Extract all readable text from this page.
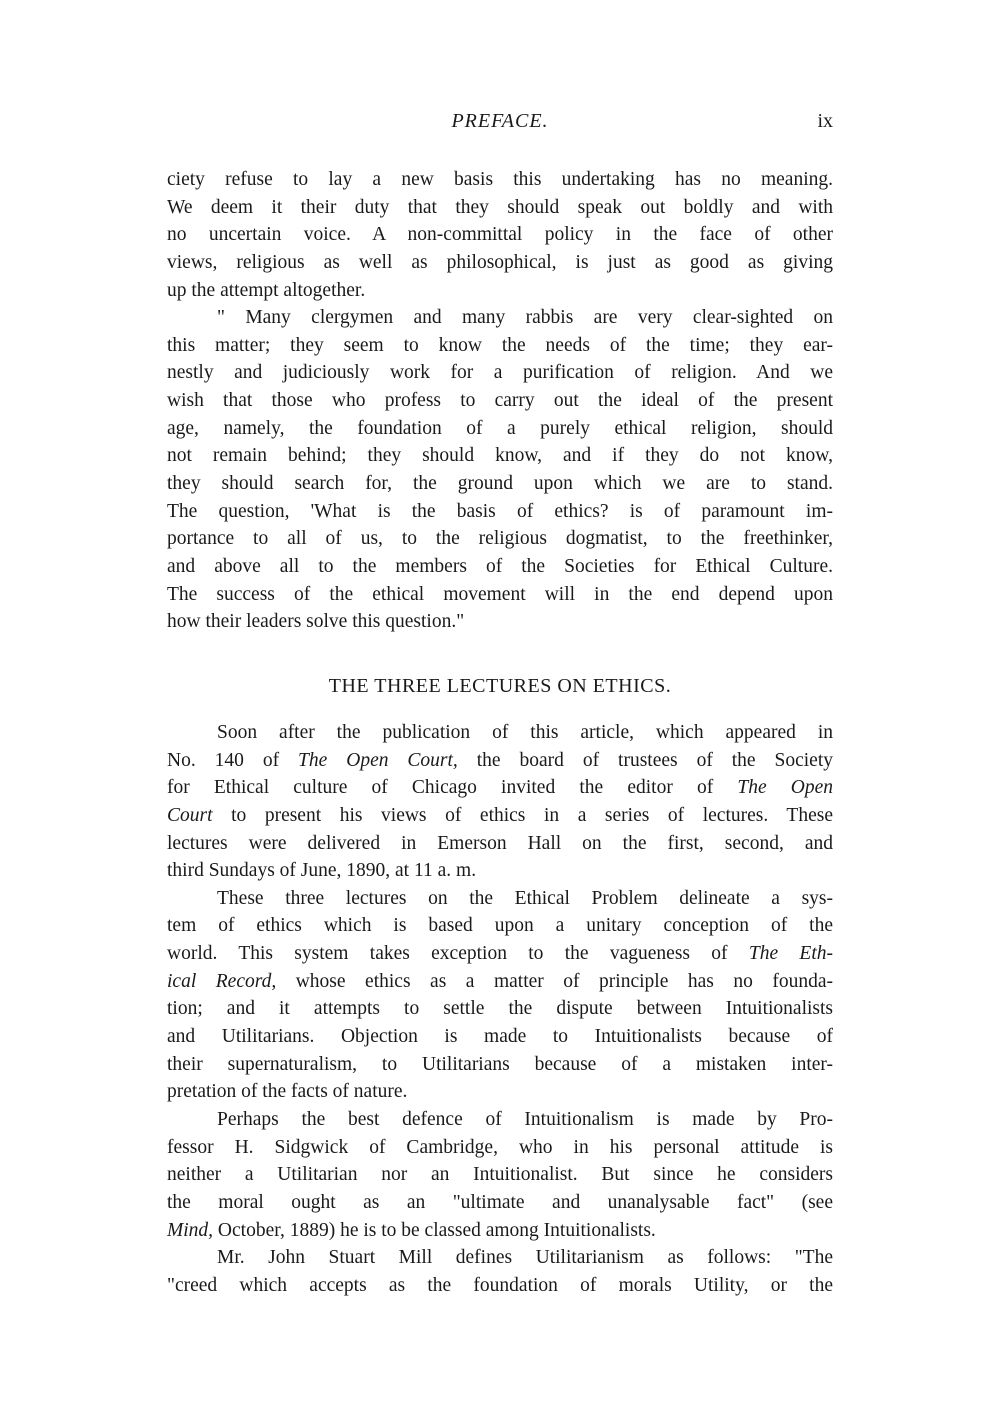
PREFACE.	ix
ciety refuse to lay a new basis this undertaking has no meaning.
We deem it their duty that they should speak out boldly and with
no uncertain voice. A non-committal policy in the face of other
views, religious as well as philosophical, is just as good as giving
up the attempt altogether.
" Many clergymen and many rabbis are very clear-sighted on
this matter; they seem to know the needs of the time; they ear-
nestly and judiciously work for a purification of religion. And we
wish that those who profess to carry out the ideal of the present
age, namely, the foundation of a purely ethical religion, should
not remain behind; they should know, and if they do not know,
they should search for, the ground upon which we are to stand.
The question, 'What is the basis of ethics? is of paramount im-
portance to all of us, to the religious dogmatist, to the freethinker,
and above all to the members of the Societies for Ethical Culture.
The success of the ethical movement will in the end depend upon
how their leaders solve this question."
THE THREE LECTURES ON ETHICS.
Soon after the publication of this article, which appeared in
No. 140 of The Open Court, the board of trustees of the Society
for Ethical culture of Chicago invited the editor of The Open
Court to present his views of ethics in a series of lectures. These
lectures were delivered in Emerson Hall on the first, second, and
third Sundays of June, 1890, at 11 a. m.
These three lectures on the Ethical Problem delineate a sys-
tem of ethics which is based upon a unitary conception of the
world. This system takes exception to the vagueness of The Eth-
ical Record, whose ethics as a matter of principle has no founda-
tion; and it attempts to settle the dispute between Intuitionalists
and Utilitarians. Objection is made to Intuitionalists because of
their supernaturalism, to Utilitarians because of a mistaken inter-
pretation of the facts of nature.
Perhaps the best defence of Intuitionalism is made by Pro-
fessor H. Sidgwick of Cambridge, who in his personal attitude is
neither a Utilitarian nor an Intuitionalist. But since he considers
the moral ought as an "ultimate and unanalysable fact" (see
Mind, October, 1889) he is to be classed among Intuitionalists.
Mr. John Stuart Mill defines Utilitarianism as follows: "The
"creed which accepts as the foundation of morals Utility, or the
